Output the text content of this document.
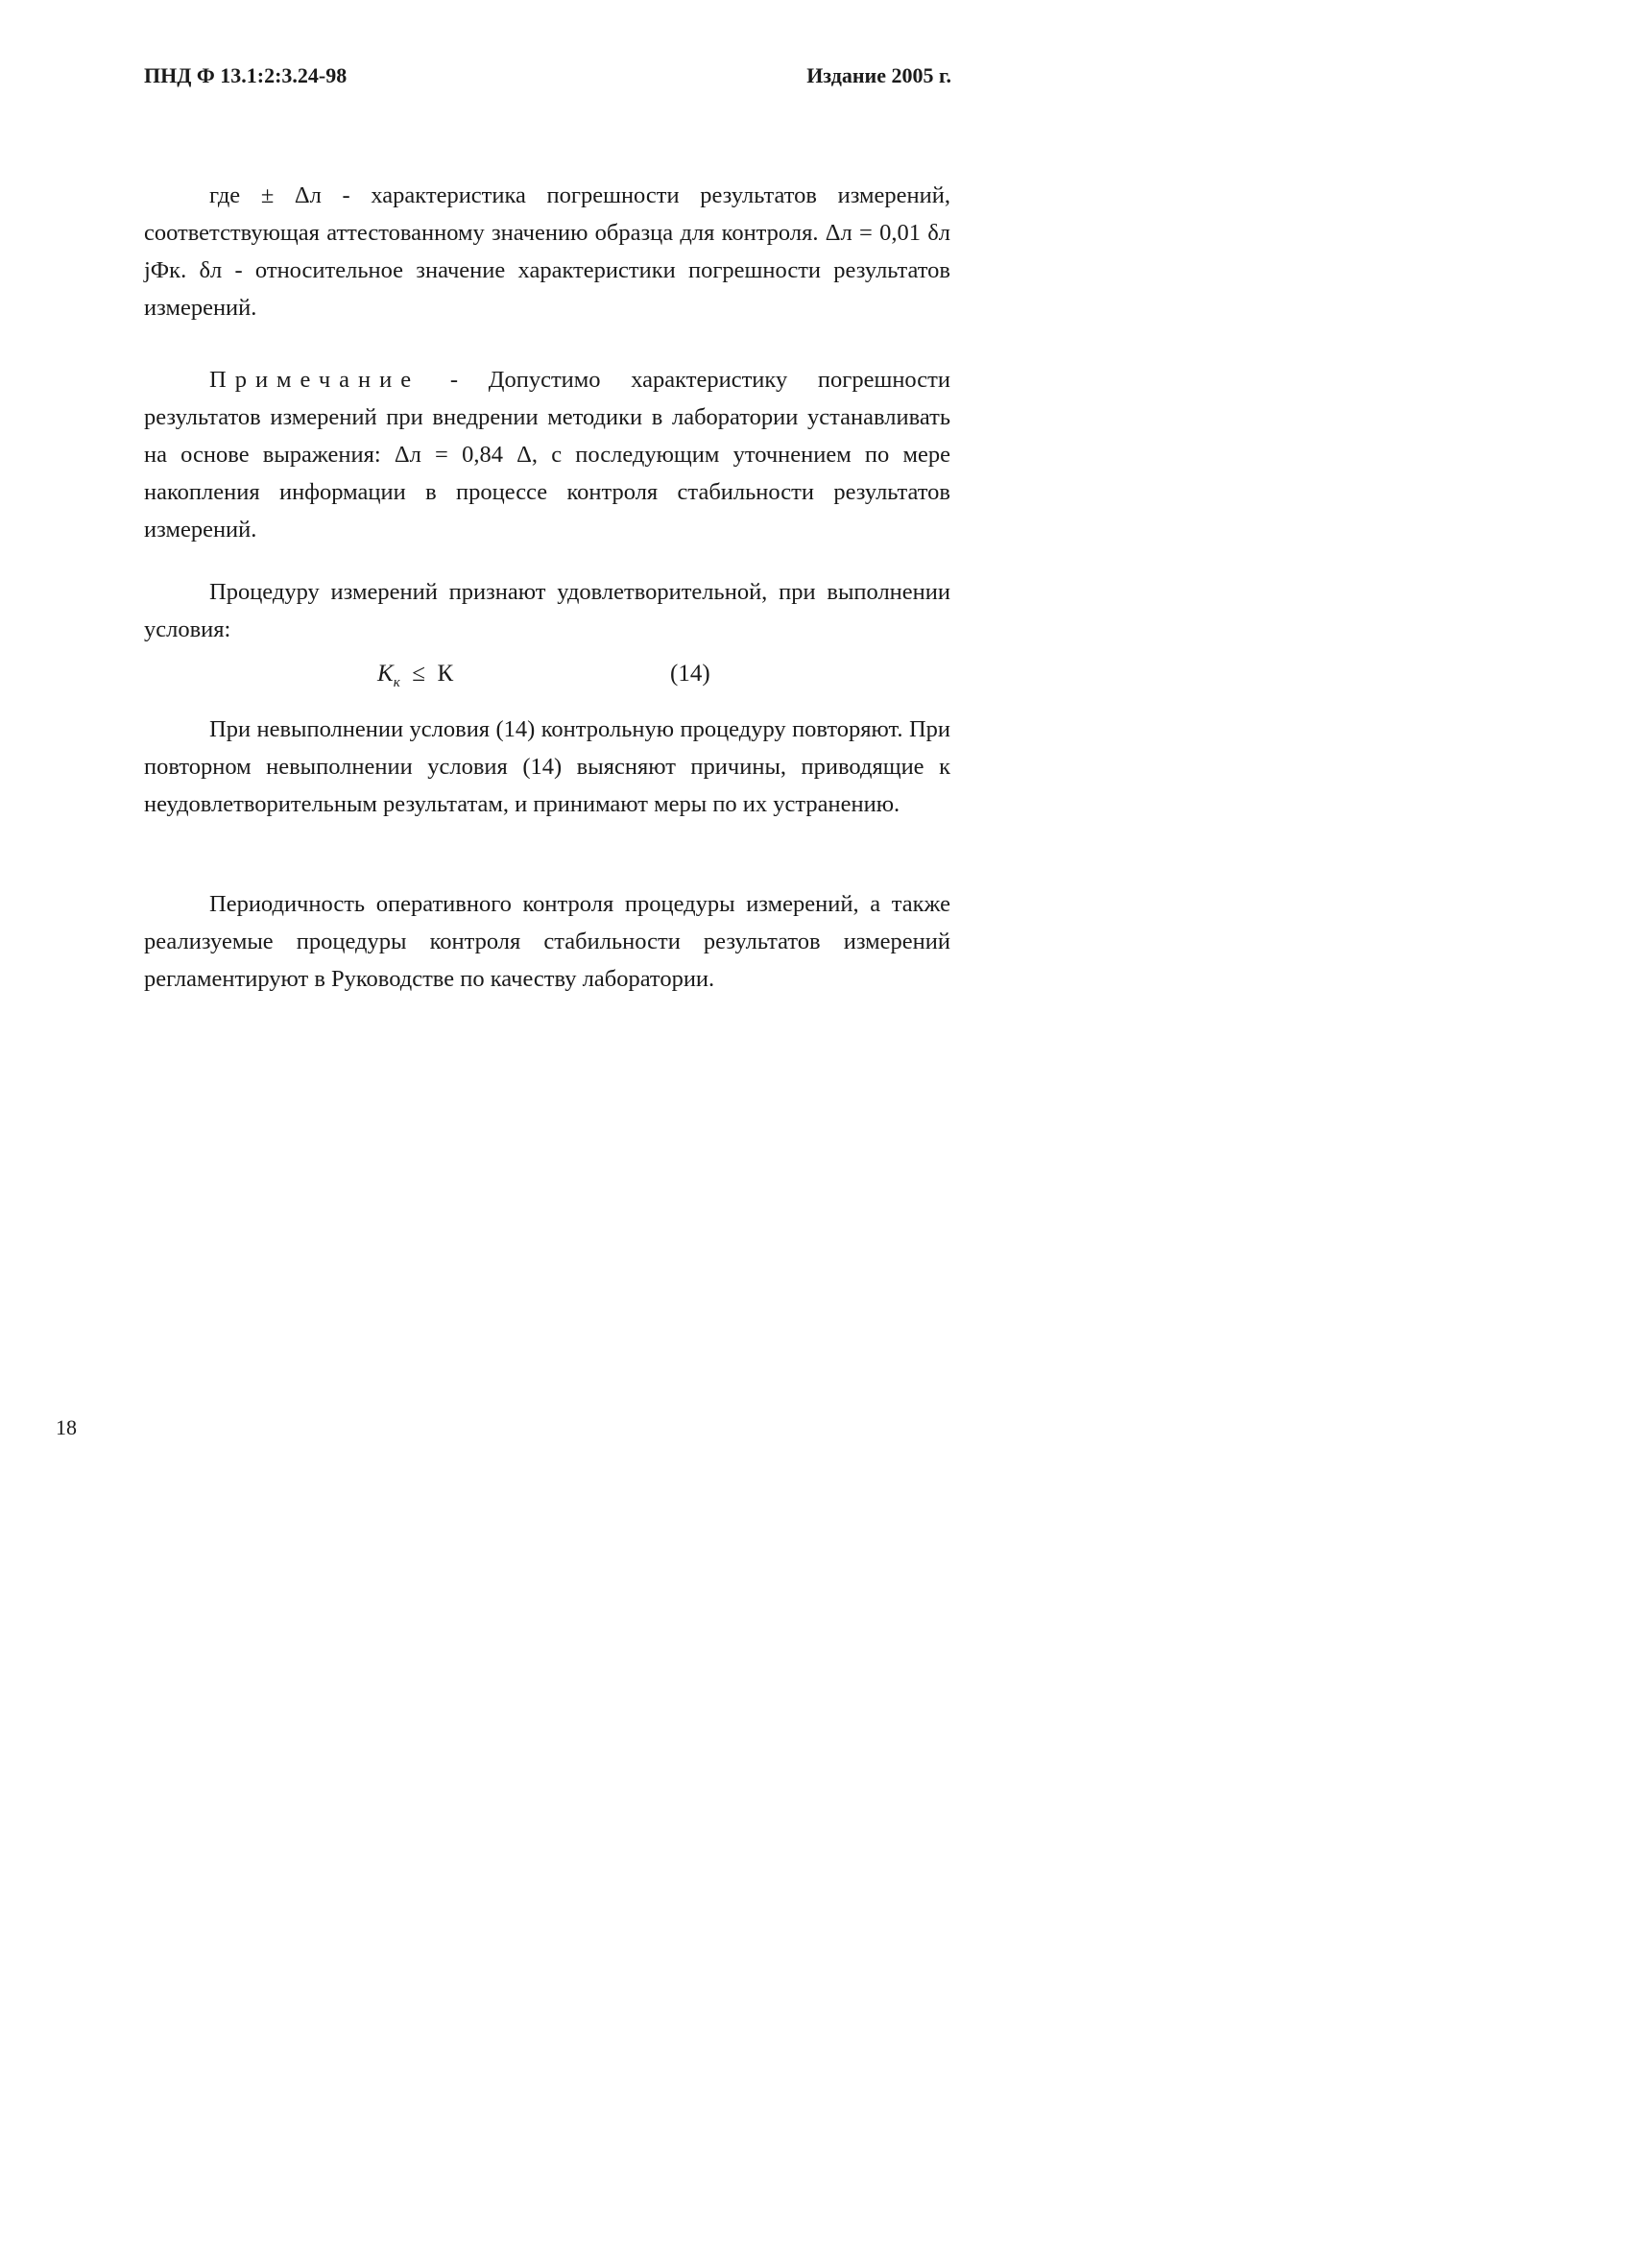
ПНД Ф 13.1:2:3.24-98	Издание 2005 г.

где ± Δл - характеристика погрешности результатов измерений, соответствующая аттестованному значению образца для контроля. Δл = 0,01 δл jФк. δл - относительное значение характеристики погрешности результатов измерений.

Примечание - Допустимо характеристику погрешности результатов измерений при внедрении методики в лаборатории устанавливать на основе выражения: Δл = 0,84 Δ, с последующим уточнением по мере накопления информации в процессе контроля стабильности результатов измерений.

Процедуру измерений признают удовлетворительной, при выполнении условия:

$K_к \le К$	(14)

При невыполнении условия (14) контрольную процедуру повторяют. При повторном невыполнении условия (14) выясняют причины, приводящие к неудовлетворительным результатам, и принимают меры по их устранению.

Периодичность оперативного контроля процедуры измерений, а также реализуемые процедуры контроля стабильности результатов измерений регламентируют в Руководстве по качеству лаборатории.

18
